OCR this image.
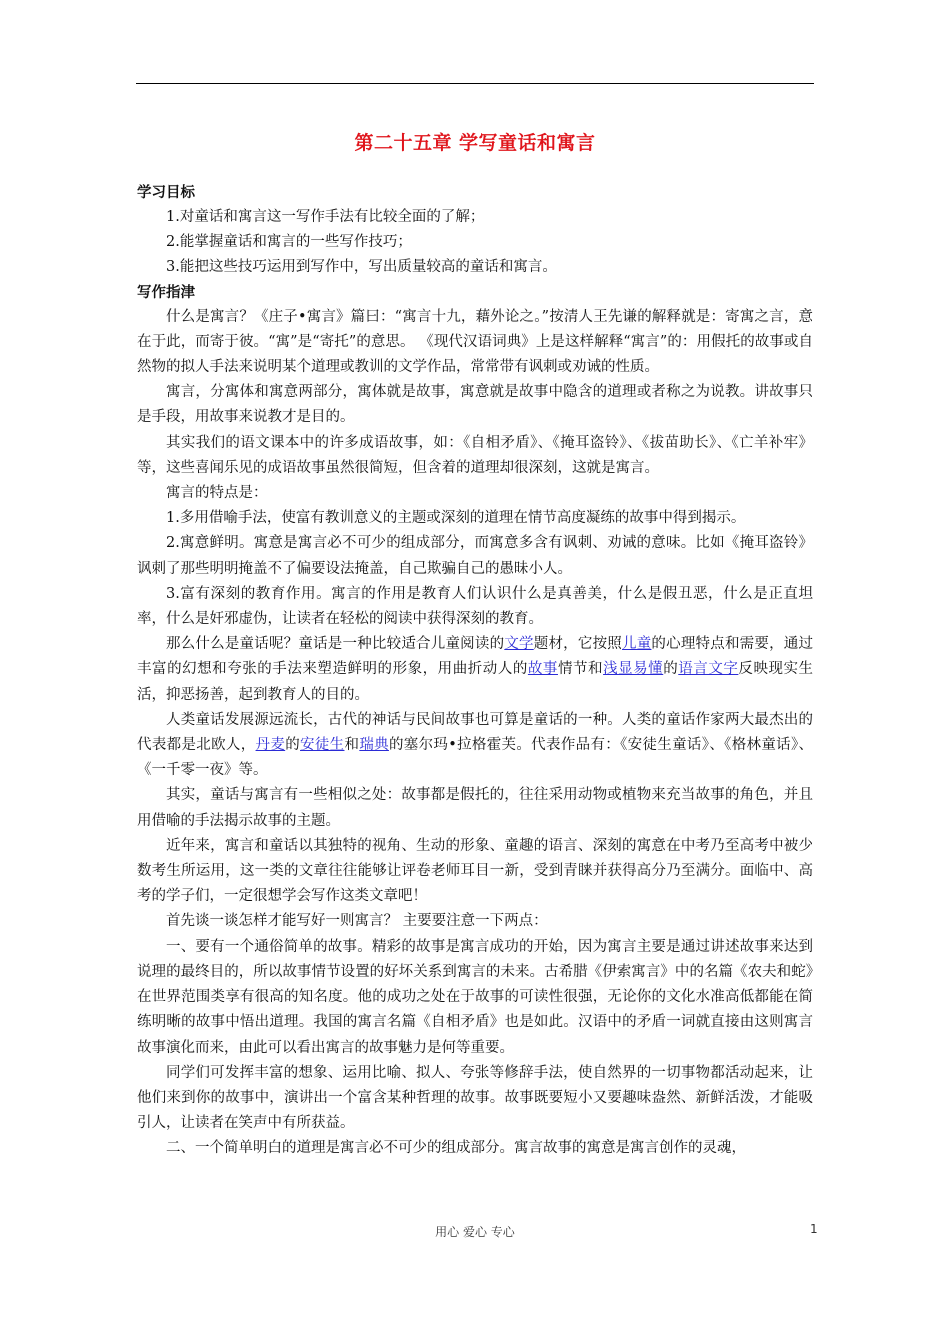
第二十五章 学写童话和寓言
学习目标

1.对童话和寓言这一写作手法有比较全面的了解；

2.能掌握童话和寓言的一些写作技巧；

3.能把这些技巧运用到写作中，写出质量较高的童话和寓言。

写作指津

什么是寓言？《庄子•寓言》篇曰：“寓言十九，藉外论之。”按清人王先谦的解释就是：寄寓之言，意在于此，而寄于彼。“寓”是“寄托”的意思。 《现代汉语词典》上是这样解释“寓言”的：用假托的故事或自然物的拟人手法来说明某个道理或教训的文学作品，常常带有讽刺或劝诫的性质。

寓言，分寓体和寓意两部分，寓体就是故事，寓意就是故事中隐含的道理或者称之为说教。讲故事只是手段，用故事来说教才是目的。

其实我们的语文课本中的许多成语故事，如：《自相矛盾》、《掩耳盗铃》、《拔苗助长》、《亡羊补牢》等，这些喜闻乐见的成语故事虽然很简短，但含着的道理却很深刻，这就是寓言。

寓言的特点是：

1.多用借喻手法，使富有教训意义的主题或深刻的道理在情节高度凝练的故事中得到揭示。

2.寓意鲜明。寓意是寓言必不可少的组成部分，而寓意多含有讽刺、劝诫的意味。比如《掩耳盗铃》讽刺了那些明明掩盖不了偏要设法掩盖，自己欺骗自己的愚昧小人。

3.富有深刻的教育作用。寓言的作用是教育人们认识什么是真善美，什么是假丑恶，什么是正直坦率，什么是奸邪虚伪，让读者在轻松的阅读中获得深刻的教育。

那么什么是童话呢？童话是一种比较适合儿童阅读的文学题材，它按照儿童的心理特点和需要，通过丰富的幻想和夸张的手法来塑造鲜明的形象，用曲折动人的故事情节和浅显易懂的语言文字反映现实生活，抑恶扬善，起到教育人的目的。

人类童话发展源远流长，古代的神话与民间故事也可算是童话的一种。人类的童话作家两大最杰出的代表都是北欧人，丹麦的安徒生和瑞典的塞尔玛•拉格霍芙。代表作品有：《安徒生童话》、《格林童话》、《一千零一夜》等。

其实，童话与寓言有一些相似之处：故事都是假托的，往往采用动物或植物来充当故事的角色，并且用借喻的手法揭示故事的主题。

近年来，寓言和童话以其独特的视角、生动的形象、童趣的语言、深刻的寓意在中考乃至高考中被少数考生所运用，这一类的文章往往能够让评卷老师耳目一新，受到青睐并获得高分乃至满分。面临中、高考的学子们，一定很想学会写作这类文章吧！

首先谈一谈怎样才能写好一则寓言？ 主要要注意一下两点：

一、要有一个通俗简单的故事。精彩的故事是寓言成功的开始，因为寓言主要是通过讲述故事来达到说理的最终目的，所以故事情节设置的好坏关系到寓言的未来。古希腊《伊索寓言》中的名篇《农夫和蛇》在世界范围类享有很高的知名度。他的成功之处在于故事的可读性很强，无论你的文化水准高低都能在简练明晰的故事中悟出道理。我国的寓言名篇《自相矛盾》也是如此。汉语中的矛盾一词就直接由这则寓言故事演化而来，由此可以看出寓言的故事魅力是何等重要。

同学们可发挥丰富的想象、运用比喻、拟人、夸张等修辞手法，使自然界的一切事物都活动起来，让他们来到你的故事中，演讲出一个富含某种哲理的故事。故事既要短小又要趣味盎然、新鲜活泼，才能吸引人，让读者在笑声中有所获益。

二、一个简单明白的道理是寓言必不可少的组成部分。寓言故事的寓意是寓言创作的灵魂，

用心 爱心 专心	1
